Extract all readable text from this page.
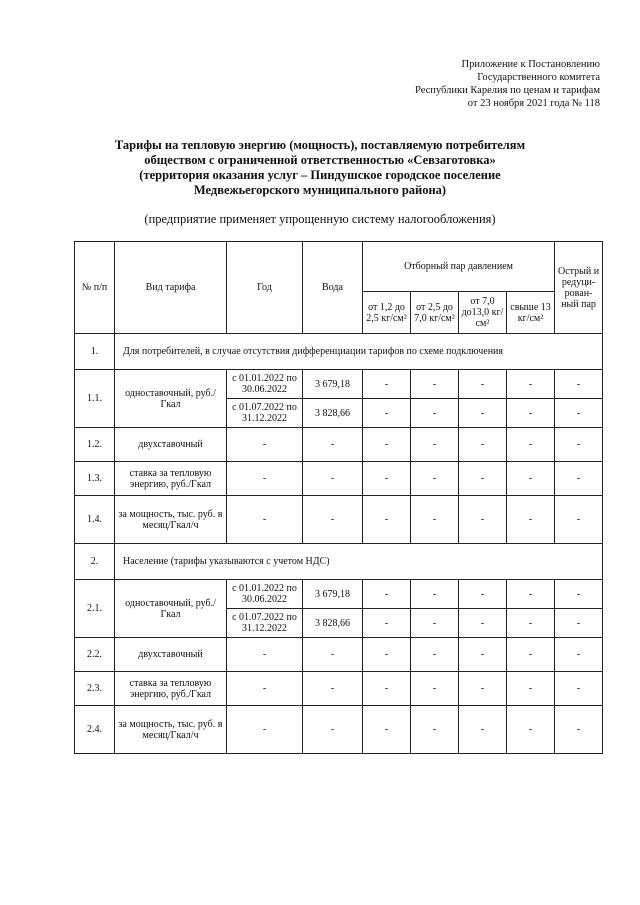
Приложение к Постановлению
Государственного комитета
Республики Карелия по ценам и тарифам
от 23 ноября 2021 года № 118
Тарифы на тепловую энергию (мощность), поставляемую потребителям
обществом с ограниченной ответственностью «Севзаготовка»
(территория оказания услуг – Пиндушское городское поселение
Медвежьегорского муниципального района)
(предприятие применяет упрощенную систему налогообложения)
№ п/п	Вид тарифа	Год	Вода	Отборный пар давлением				Острый и редуци-рован-ный пар
				от 1,2 до 2,5 кг/см²	от 2,5 до 7,0 кг/см²	от 7,0 до13,0 кг/см²	свыше 13 кг/см²	
1.	Для потребителей, в случае отсутствия дифференциации тарифов по схеме подключения							
1.1.	одноставочный, руб./Гкал	с 01.01.2022 по 30.06.2022	3 679,18	-	-	-	-	-
		с 01.07.2022 по 31.12.2022	3 828,66	-	-	-	-	-
1.2.	двухставочный	-	-	-	-	-	-	-
1.3.	ставка за тепловую энергию, руб./Гкал	-	-	-	-	-	-	-
1.4.	за мощность, тыс. руб. в месяц/Гкал/ч	-	-	-	-	-	-	-
2.	Население (тарифы указываются с учетом НДС)							
2.1.	одноставочный, руб./Гкал	с 01.01.2022 по 30.06.2022	3 679,18	-	-	-	-	-
		с 01.07.2022 по 31.12.2022	3 828,66	-	-	-	-	-
2.2.	двухставочный	-	-	-	-	-	-	-
2.3.	ставка за тепловую энергию, руб./Гкал	-	-	-	-	-	-	-
2.4.	за мощность, тыс. руб. в месяц/Гкал/ч	-	-	-	-	-	-	-
